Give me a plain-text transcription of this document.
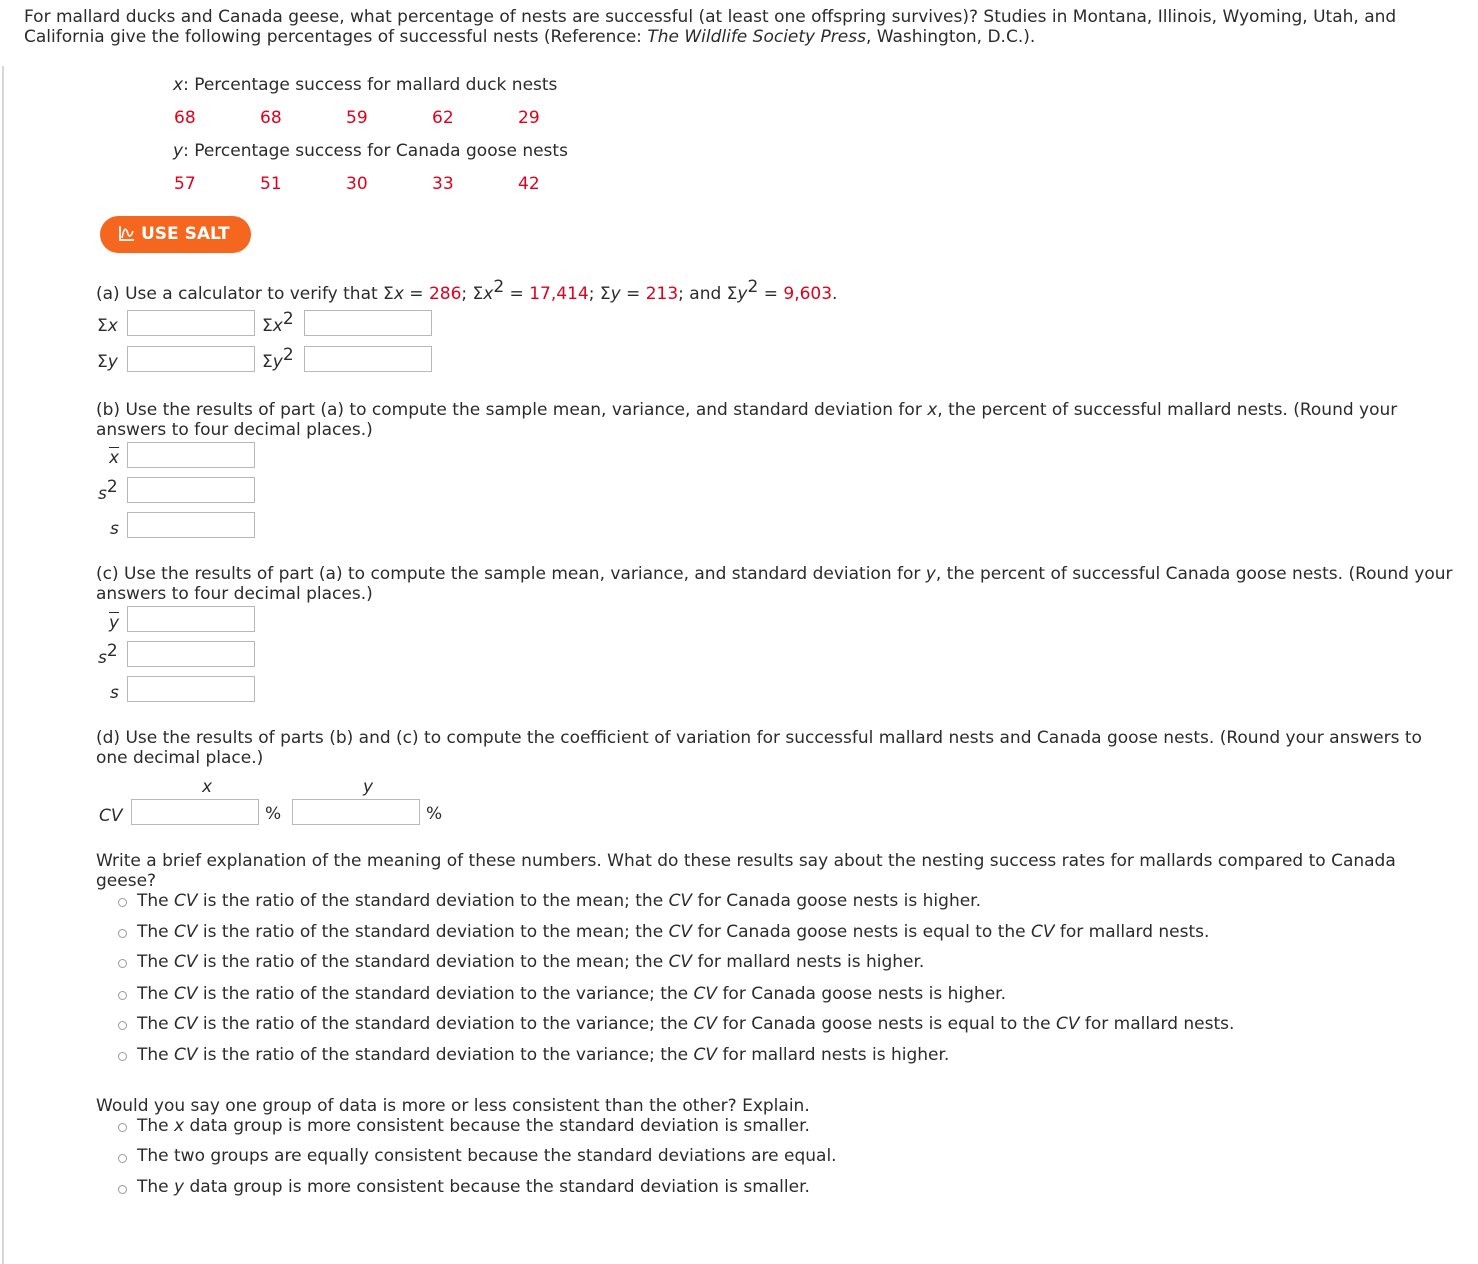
For mallard ducks and Canada geese, what percentage of nests are successful (at least one offspring survives)? Studies in Montana, Illinois, Wyoming, Utah, and California give the following percentages of successful nests (Reference: The Wildlife Society Press, Washington, D.C.).
x: Percentage success for mallard duck nests
68	68	59	62	29
y: Percentage success for Canada goose nests
57	51	30	33	42
USE SALT
(a) Use a calculator to verify that Σx = 286; $\Sigma x^2 = 17,414$; Σy = 213; and $\Sigma y^2 = 9,603$.
Σx	$\Sigma x^2$
Σy	$\Sigma y^2$
(b) Use the results of part (a) to compute the sample mean, variance, and standard deviation for x, the percent of successful mallard nests. (Round your answers to four decimal places.)
$\overline{x}$
$s^2$
s
(c) Use the results of part (a) to compute the sample mean, variance, and standard deviation for y, the percent of successful Canada goose nests. (Round your answers to four decimal places.)
$\overline{y}$
$s^2$
s
(d) Use the results of parts (b) and (c) to compute the coefficient of variation for successful mallard nests and Canada goose nests. (Round your answers to one decimal place.)
x	y
CV	%	%
Write a brief explanation of the meaning of these numbers. What do these results say about the nesting success rates for mallards compared to Canada geese?
The CV is the ratio of the standard deviation to the mean; the CV for Canada goose nests is higher.
The CV is the ratio of the standard deviation to the mean; the CV for Canada goose nests is equal to the CV for mallard nests.
The CV is the ratio of the standard deviation to the mean; the CV for mallard nests is higher.
The CV is the ratio of the standard deviation to the variance; the CV for Canada goose nests is higher.
The CV is the ratio of the standard deviation to the variance; the CV for Canada goose nests is equal to the CV for mallard nests.
The CV is the ratio of the standard deviation to the variance; the CV for mallard nests is higher.
Would you say one group of data is more or less consistent than the other? Explain.
The x data group is more consistent because the standard deviation is smaller.
The two groups are equally consistent because the standard deviations are equal.
The y data group is more consistent because the standard deviation is smaller.
